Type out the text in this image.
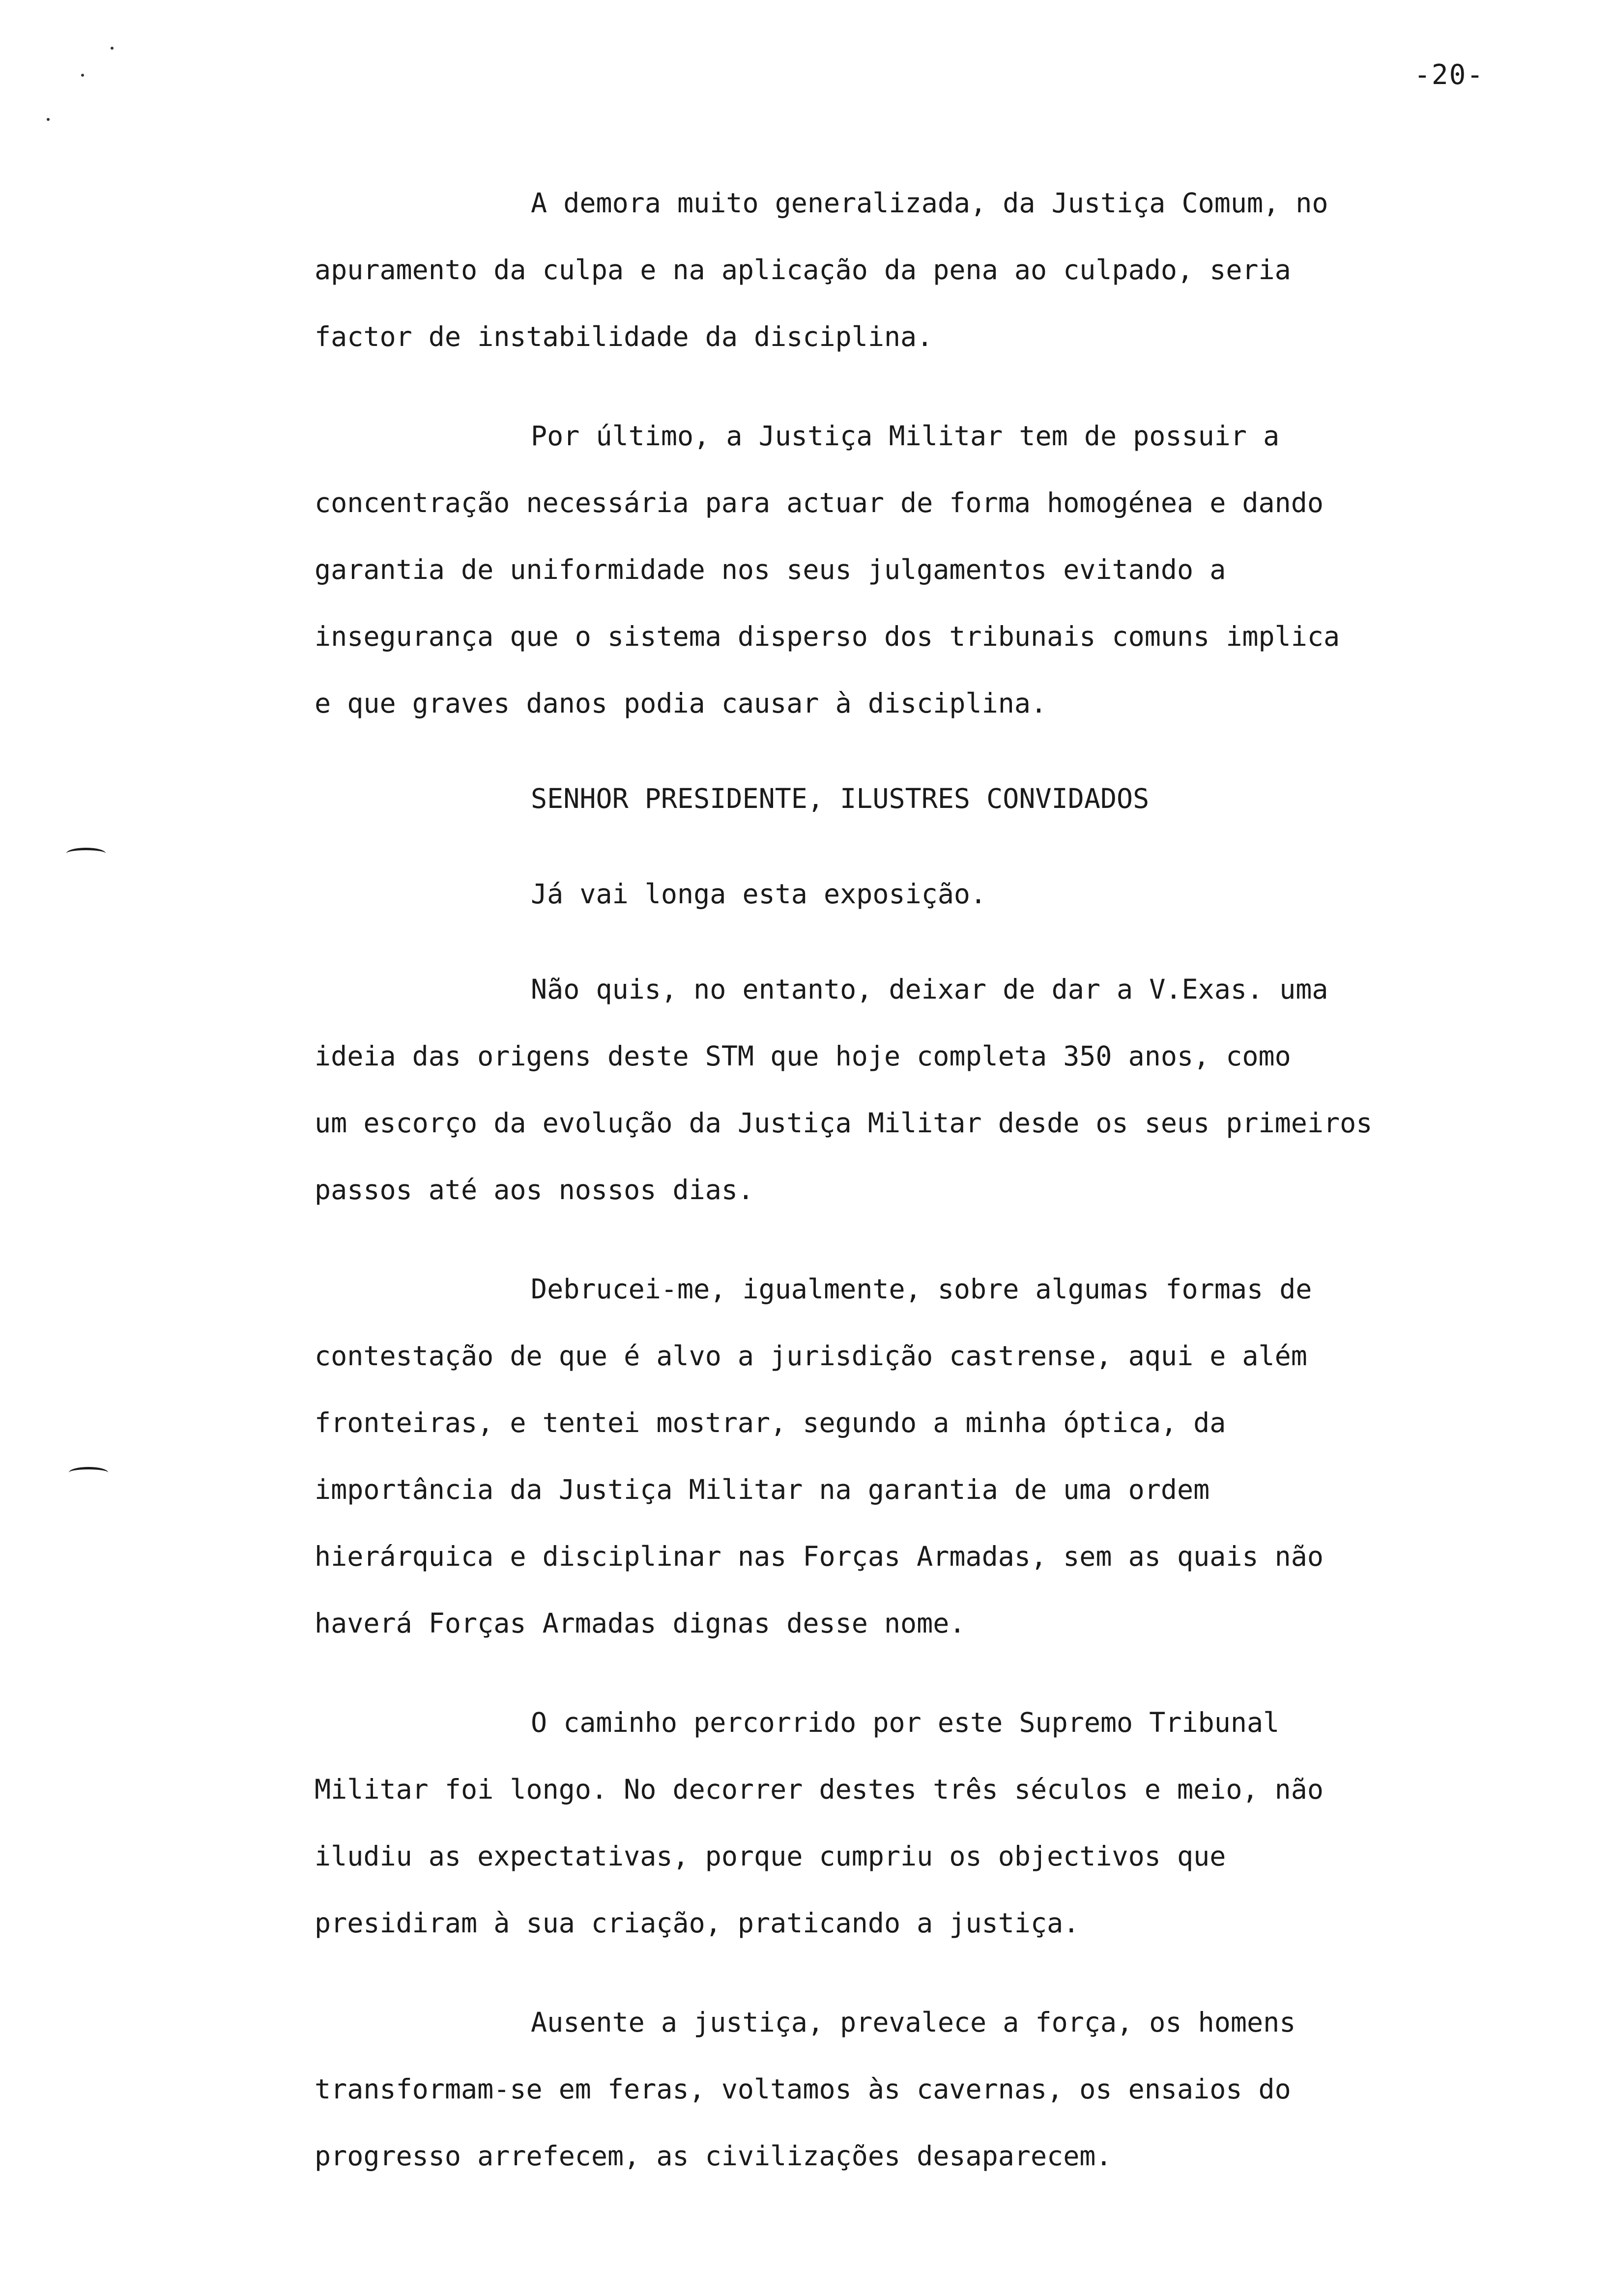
-20-

A demora muito generalizada, da Justiça Comum, no
apuramento da culpa e na aplicação da pena ao culpado, seria
factor de instabilidade da disciplina.

Por último, a Justiça Militar tem de possuir a
concentração necessária para actuar de forma homogénea e dando
garantia de uniformidade nos seus julgamentos evitando a
insegurança que o sistema disperso dos tribunais comuns implica
e que graves danos podia causar à disciplina.

SENHOR PRESIDENTE, ILUSTRES CONVIDADOS

Já vai longa esta exposição.

Não quis, no entanto, deixar de dar a V.Exas. uma
ideia das origens deste STM que hoje completa 350 anos, como
um escorço da evolução da Justiça Militar desde os seus primeiros
passos até aos nossos dias.

Debrucei-me, igualmente, sobre algumas formas de
contestação de que é alvo a jurisdição castrense, aqui e além
fronteiras, e tentei mostrar, segundo a minha óptica, da
importância da Justiça Militar na garantia de uma ordem
hierárquica e disciplinar nas Forças Armadas, sem as quais não
haverá Forças Armadas dignas desse nome.

O caminho percorrido por este Supremo Tribunal
Militar foi longo. No decorrer destes três séculos e meio, não
iludiu as expectativas, porque cumpriu os objectivos que
presidiram à sua criação, praticando a justiça.

Ausente a justiça, prevalece a força, os homens
transformam-se em feras, voltamos às cavernas, os ensaios do
progresso arrefecem, as civilizações desaparecem.
